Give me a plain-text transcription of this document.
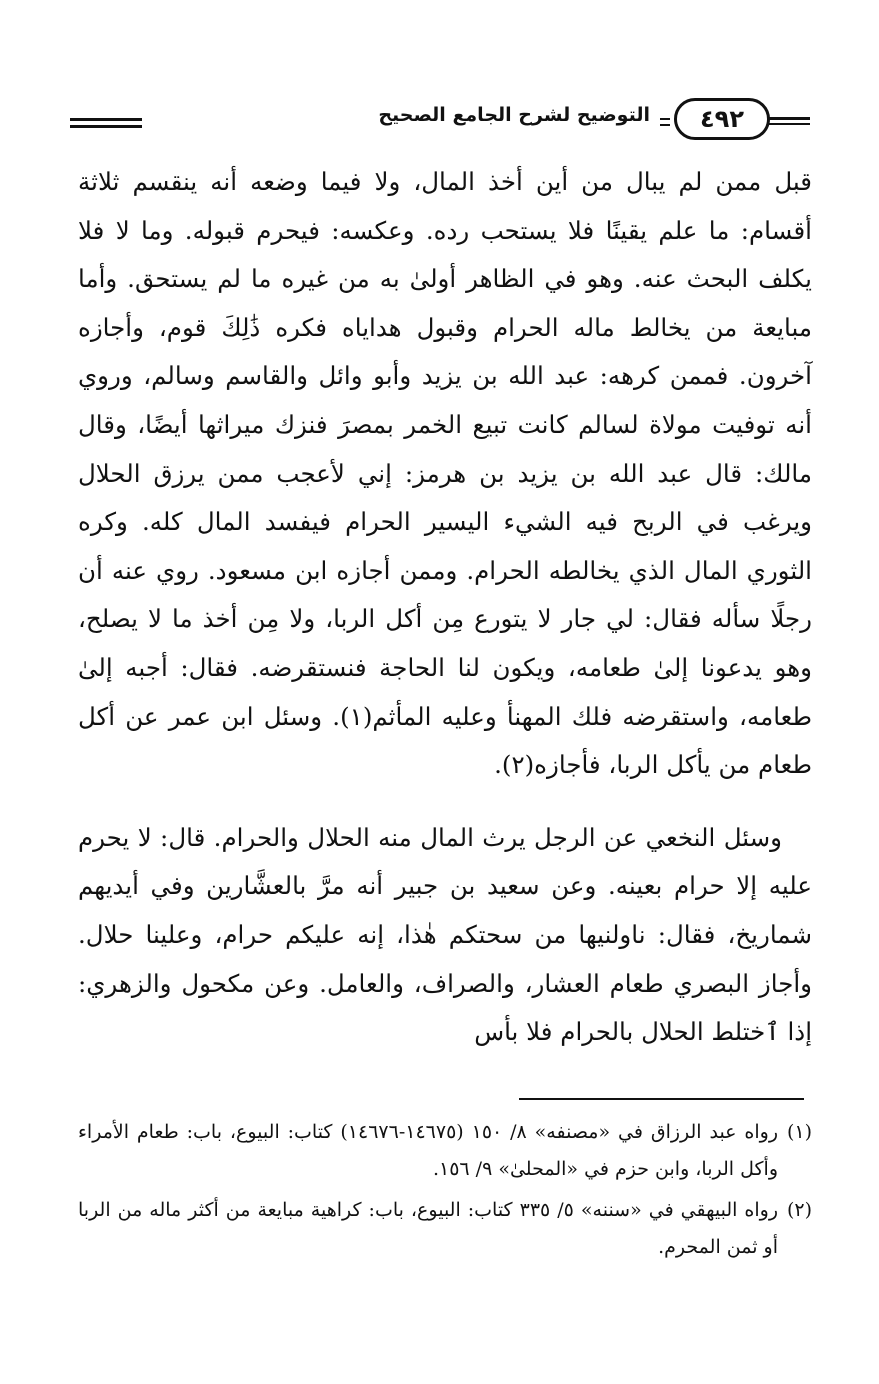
٤٩٢
التوضيح لشرح الجامع الصحيح

قبل ممن لم يبال من أين أخذ المال، ولا فيما وضعه أنه ينقسم ثلاثة أقسام: ما علم يقينًا فلا يستحب رده. وعكسه: فيحرم قبوله. وما لا فلا يكلف البحث عنه. وهو في الظاهر أولىٰ به من غيره ما لم يستحق. وأما مبايعة من يخالط ماله الحرام وقبول هداياه فكره ذَٰلِكَ قوم، وأجازه آخرون. فممن كرهه: عبد الله بن يزيد وأبو وائل والقاسم وسالم، وروي أنه توفيت مولاة لسالم كانت تبيع الخمر بمصرَ فنزك ميراثها أيضًا، وقال مالك: قال عبد الله بن يزيد بن هرمز: إني لأعجب ممن يرزق الحلال ويرغب في الربح فيه الشيء اليسير الحرام فيفسد المال كله. وكره الثوري المال الذي يخالطه الحرام. وممن أجازه ابن مسعود. روي عنه أن رجلًا سأله فقال: لي جار لا يتورع مِن أكل الربا، ولا مِن أخذ ما لا يصلح، وهو يدعونا إلىٰ طعامه، ويكون لنا الحاجة فنستقرضه. فقال: أجبه إلىٰ طعامه، واستقرضه فلك المهنأ وعليه المأثم(١). وسئل ابن عمر عن أكل طعام من يأكل الربا، فأجازه(٢).

وسئل النخعي عن الرجل يرث المال منه الحلال والحرام. قال: لا يحرم عليه إلا حرام بعينه. وعن سعيد بن جبير أنه مرَّ بالعشَّارين وفي أيديهم شماريخ، فقال: ناولنيها من سحتكم هٰذا، إنه عليكم حرام، وعلينا حلال. وأجاز البصري طعام العشار، والصراف، والعامل. وعن مكحول والزهري: إذا ٱختلط الحلال بالحرام فلا بأس

(١)
رواه عبد الرزاق في «مصنفه» ٨/ ١٥٠ (١٤٦٧٥-١٤٦٧٦) كتاب: البيوع، باب: طعام الأمراء وأكل الربا، وابن حزم في «المحلىٰ» ٩/ ١٥٦.

(٢)
رواه البيهقي في «سننه» ٥/ ٣٣٥ كتاب: البيوع، باب: كراهية مبايعة من أكثر ماله من الربا أو ثمن المحرم.
